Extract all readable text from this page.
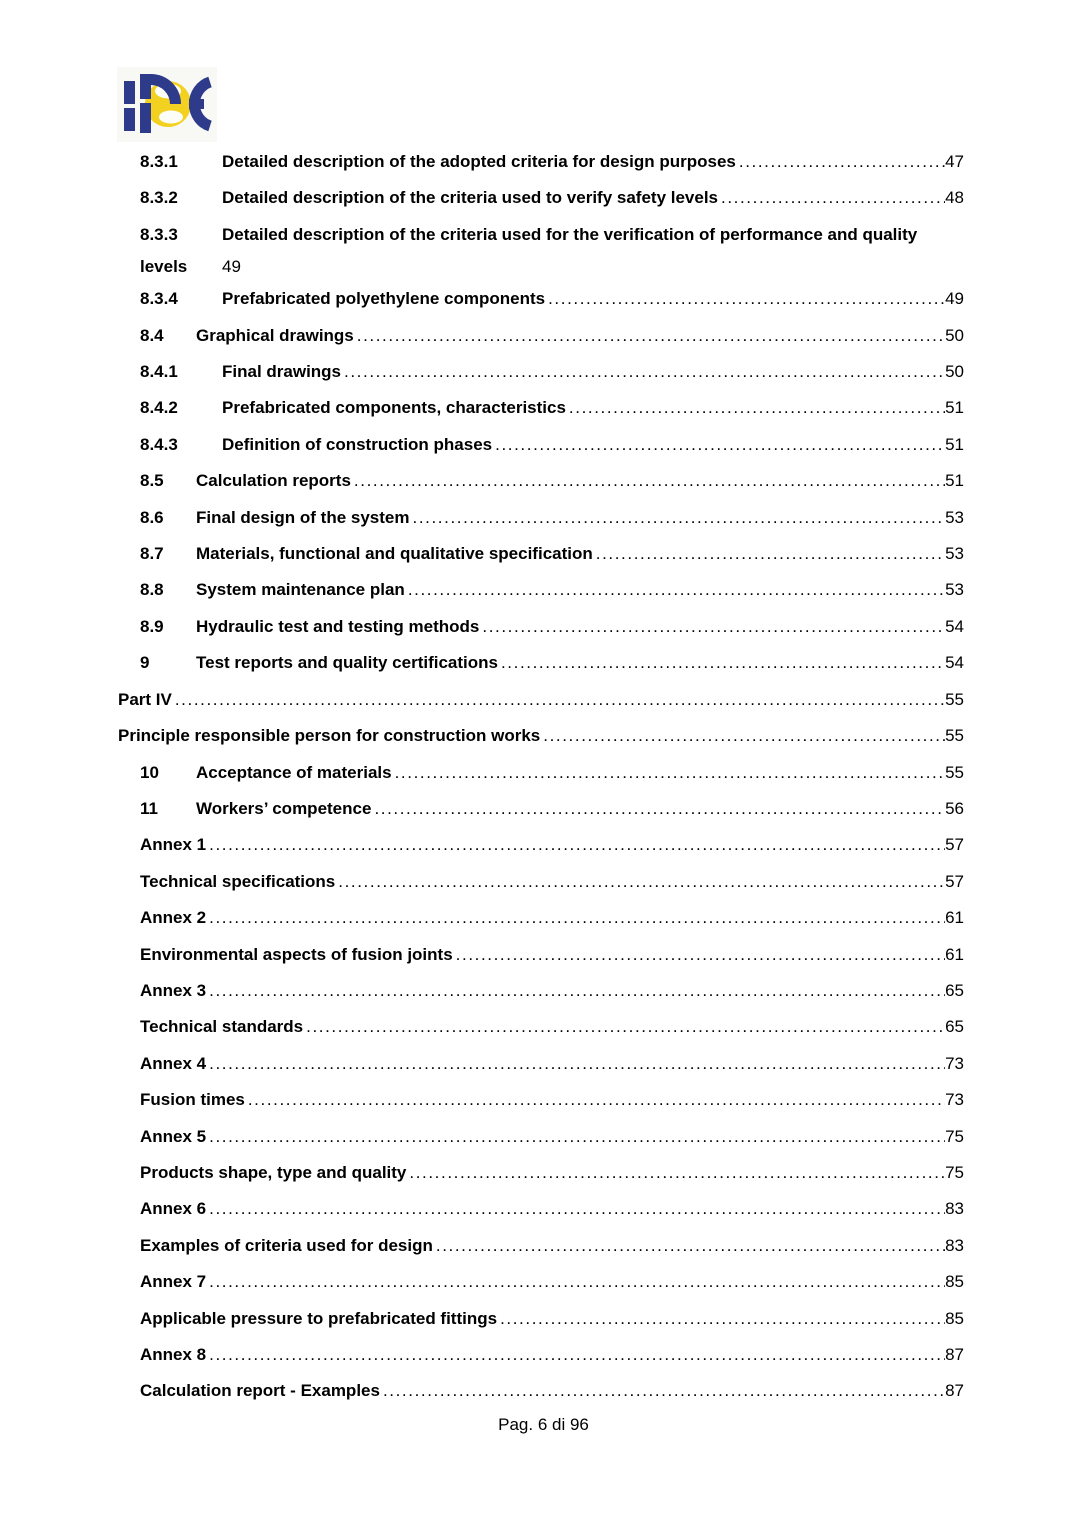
8.3.1	Detailed description of the adopted criteria for design purposes .....	47
8.3.2	Detailed description of the criteria used to verify safety levels .....	48
8.3.3	Detailed description of the criteria used for the verification of performance and quality
levels	49
8.3.4	Prefabricated polyethylene components .....	49
8.4	Graphical drawings .....	50
8.4.1	Final drawings .....	50
8.4.2	Prefabricated components, characteristics .....	51
8.4.3	Definition of construction phases .....	51
8.5	Calculation reports .....	51
8.6	Final design of the system .....	53
8.7	Materials, functional and qualitative specification .....	53
8.8	System maintenance plan .....	53
8.9	Hydraulic test and testing methods .....	54
9	Test reports and quality certifications .....	54
Part IV .....	55
Principle responsible person for construction works .....	55
10	Acceptance of materials .....	55
11	Workers’ competence .....	56
Annex 1 .....	57
Technical specifications .....	57
Annex 2 .....	61
Environmental aspects of fusion joints .....	61
Annex 3 .....	65
Technical standards .....	65
Annex 4 .....	73
Fusion times .....	73
Annex 5 .....	75
Products shape, type and quality .....	75
Annex 6 .....	83
Examples of criteria used for design .....	83
Annex 7 .....	85
Applicable pressure to prefabricated fittings .....	85
Annex 8 .....	87
Calculation report - Examples .....	87
Pag. 6 di 96
